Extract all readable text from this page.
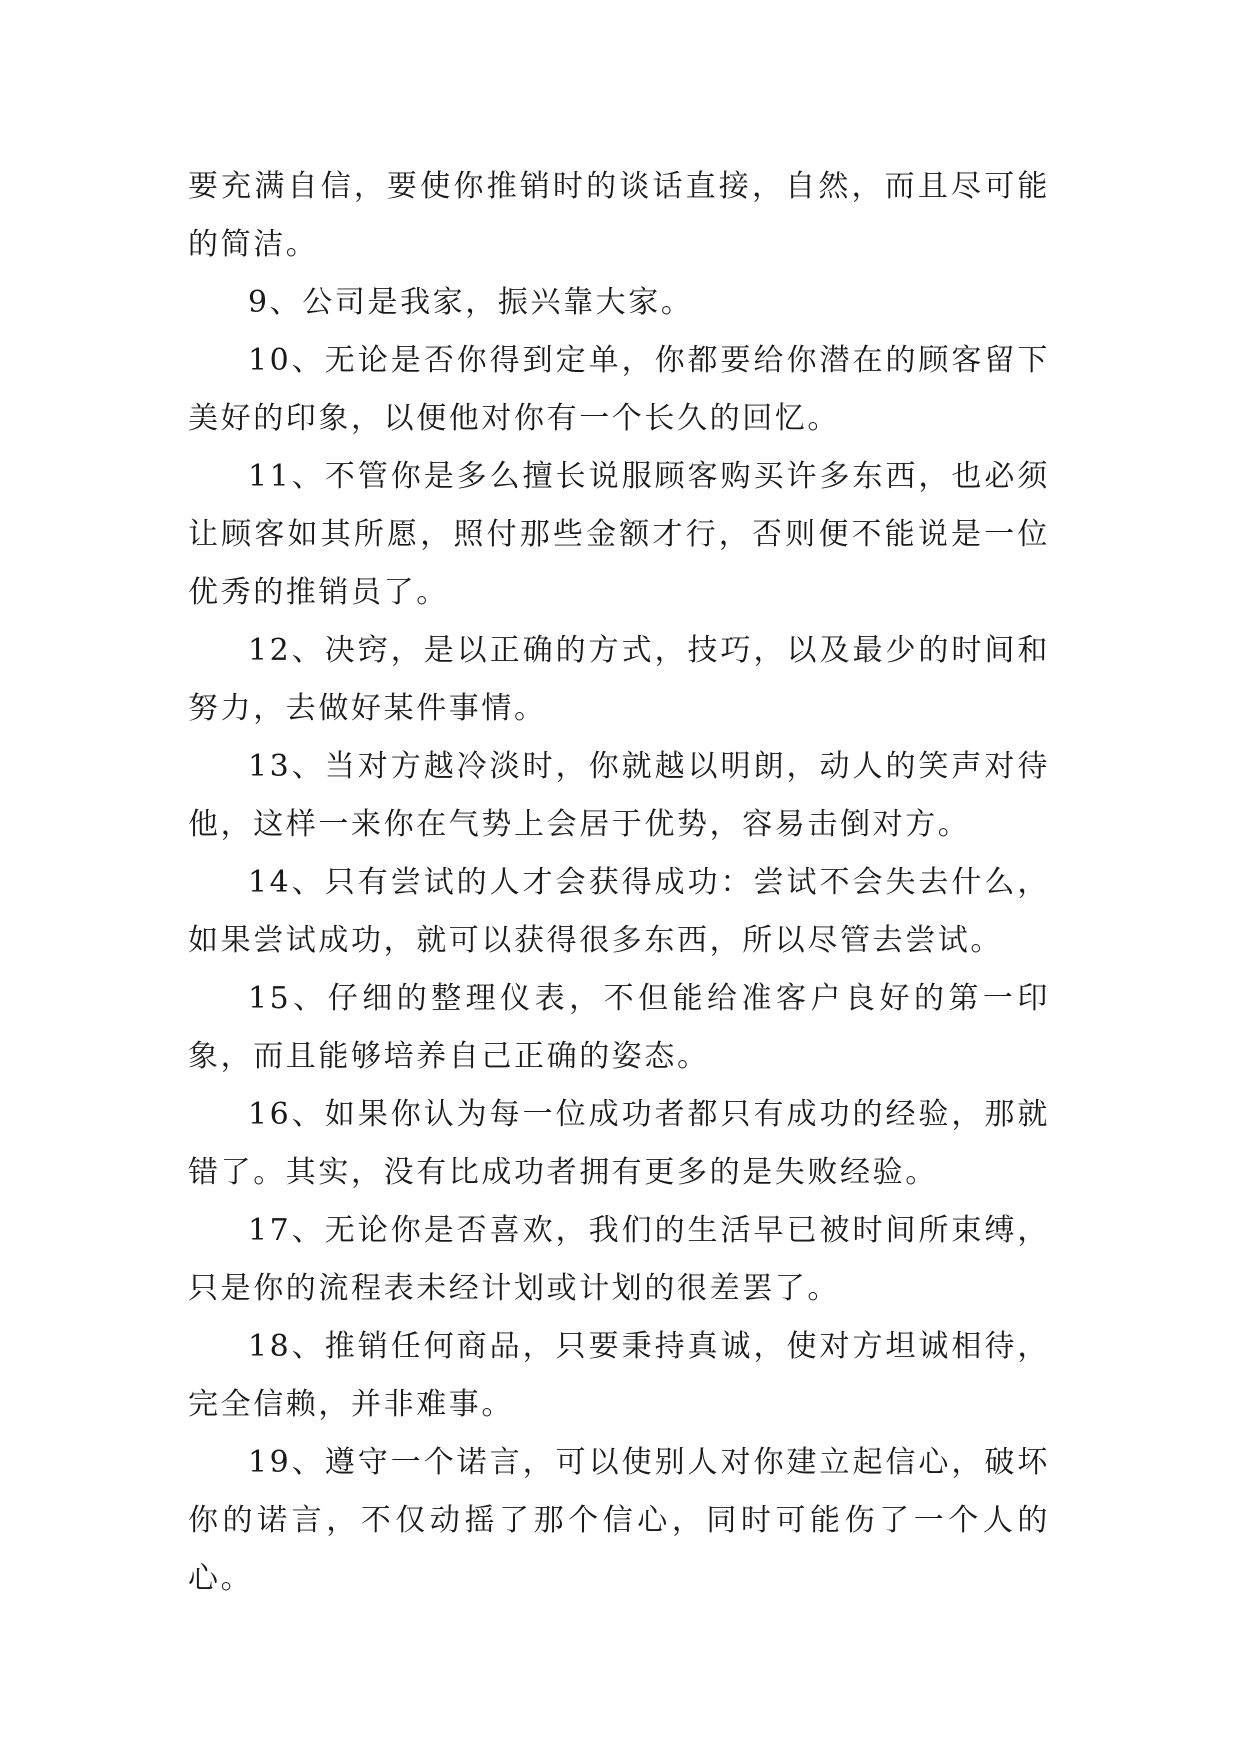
要充满自信，要使你推销时的谈话直接，自然，而且尽可能的简洁。

9、公司是我家，振兴靠大家。

10、无论是否你得到定单，你都要给你潜在的顾客留下美好的印象，以便他对你有一个长久的回忆。

11、不管你是多么擅长说服顾客购买许多东西，也必须让顾客如其所愿，照付那些金额才行，否则便不能说是一位优秀的推销员了。

12、决窍，是以正确的方式，技巧，以及最少的时间和努力，去做好某件事情。

13、当对方越冷淡时，你就越以明朗，动人的笑声对待他，这样一来你在气势上会居于优势，容易击倒对方。

14、只有尝试的人才会获得成功：尝试不会失去什么，如果尝试成功，就可以获得很多东西，所以尽管去尝试。

15、仔细的整理仪表，不但能给准客户良好的第一印象，而且能够培养自己正确的姿态。

16、如果你认为每一位成功者都只有成功的经验，那就错了。其实，没有比成功者拥有更多的是失败经验。

17、无论你是否喜欢，我们的生活早已被时间所束缚，只是你的流程表未经计划或计划的很差罢了。

18、推销任何商品，只要秉持真诚，使对方坦诚相待，完全信赖，并非难事。

19、遵守一个诺言，可以使别人对你建立起信心，破坏你的诺言，不仅动摇了那个信心，同时可能伤了一个人的心。
